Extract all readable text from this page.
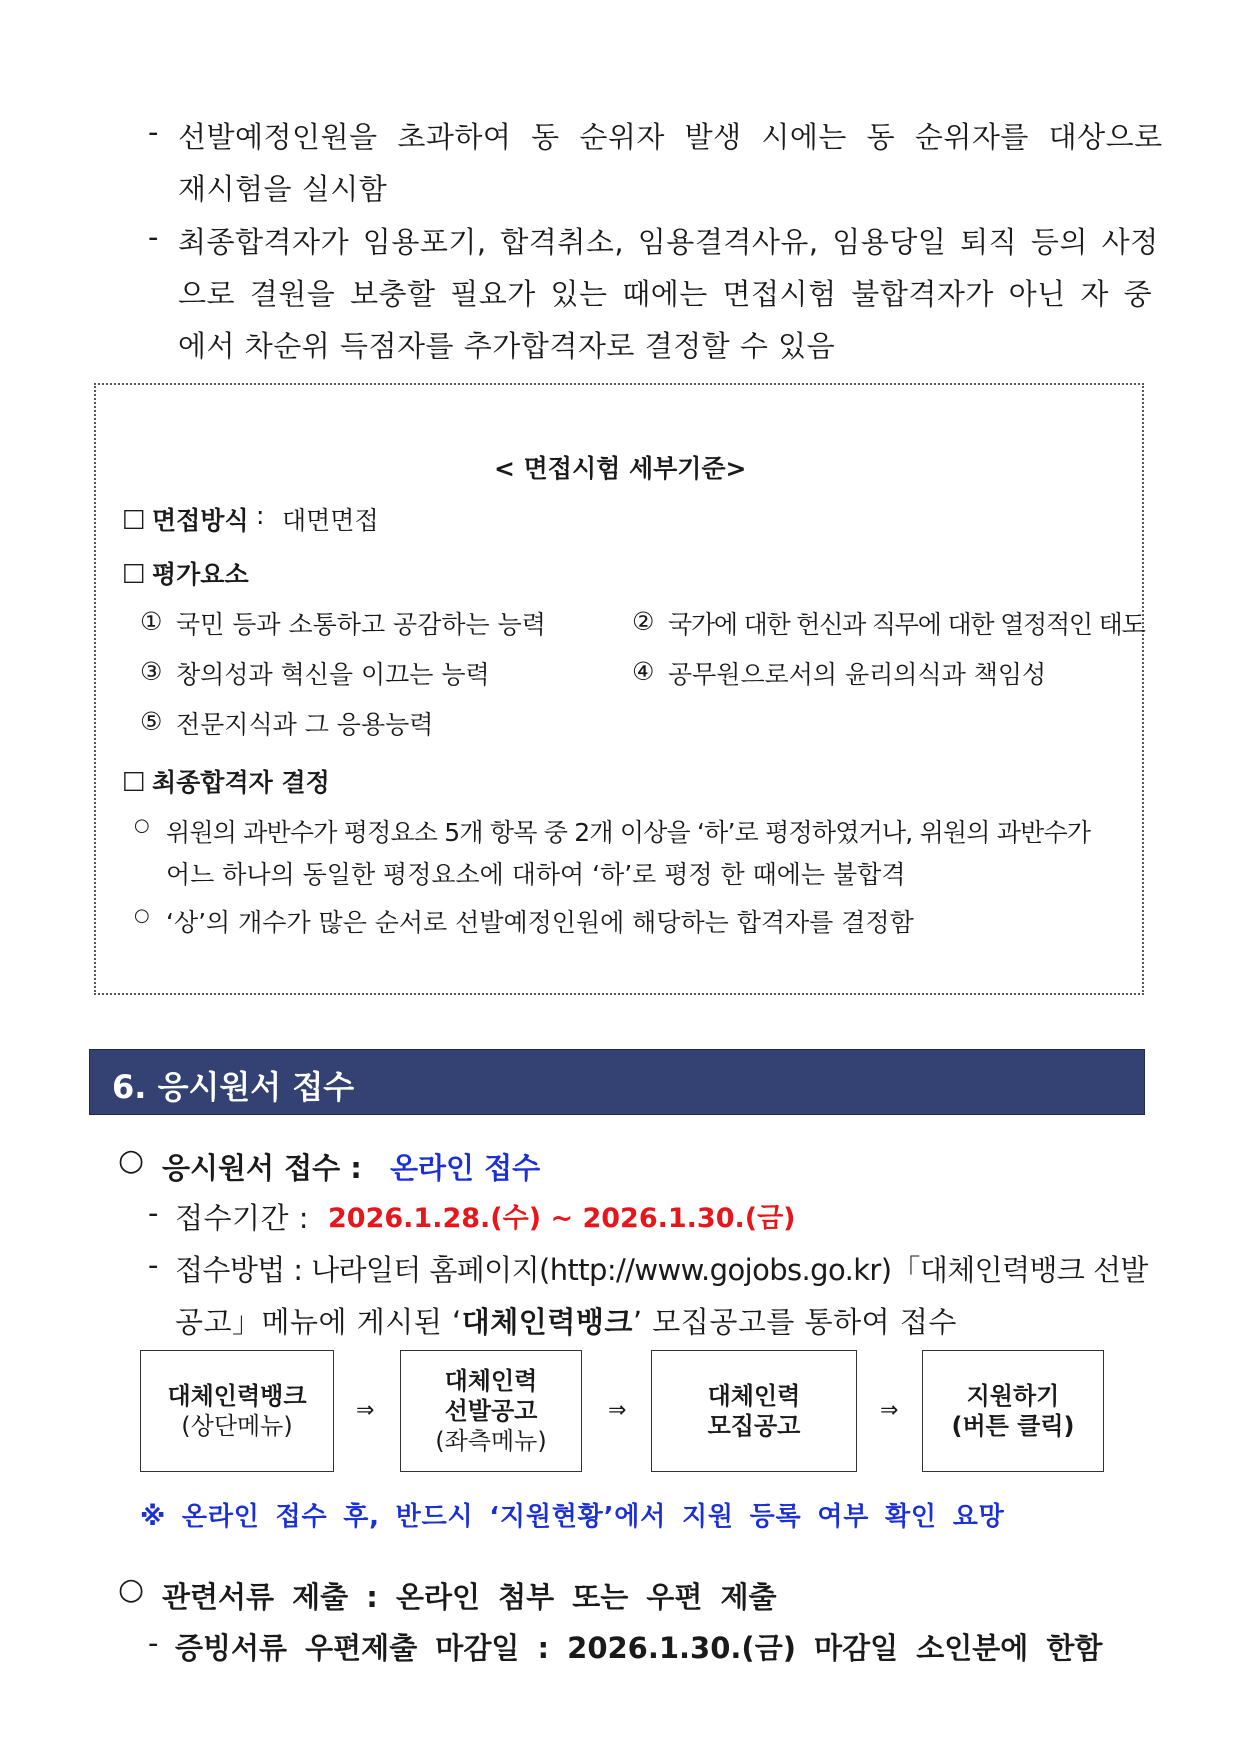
- 선발예정인원을 초과하여 동 순위자 발생 시에는 동 순위자를 대상으로
재시험을 실시함
- 최종합격자가 임용포기, 합격취소, 임용결격사유, 임용당일 퇴직 등의 사정
으로 결원을 보충할 필요가 있는 때에는 면접시험 불합격자가 아닌 자 중
에서 차순위 득점자를 추가합격자로 결정할 수 있음
< 면접시험 세부기준>
□ 면접방식 : 대면면접
□ 평가요소
① 국민 등과 소통하고 공감하는 능력	② 국가에 대한 헌신과 직무에 대한 열정적인 태도
③ 창의성과 혁신을 이끄는 능력	④ 공무원으로서의 윤리의식과 책임성
⑤ 전문지식과 그 응용능력
□ 최종합격자 결정
○ 위원의 과반수가 평정요소 5개 항목 중 2개 이상을 ‘하’로 평정하였거나, 위원의 과반수가
어느 하나의 동일한 평정요소에 대하여 ‘하’로 평정 한 때에는 불합격
○ ‘상’의 개수가 많은 순서로 선발예정인원에 해당하는 합격자를 결정함
6. 응시원서 접수
○ 응시원서 접수 : 온라인 접수
- 접수기간 : 2026.1.28.(수) ~ 2026.1.30.(금)
- 접수방법 : 나라일터 홈페이지(http://www.gojobs.go.kr)「대체인력뱅크 선발
공고」메뉴에 게시된 ‘대체인력뱅크’ 모집공고를 통하여 접수
대체인력뱅크
(상단메뉴)
⇒
대체인력
선발공고
(좌측메뉴)
⇒
대체인력
모집공고
⇒
지원하기
(버튼 클릭)
※ 온라인 접수 후, 반드시 ‘지원현황’에서 지원 등록 여부 확인 요망
○ 관련서류 제출 : 온라인 첨부 또는 우편 제출
- 증빙서류 우편제출 마감일 : 2026.1.30.(금) 마감일 소인분에 한함
